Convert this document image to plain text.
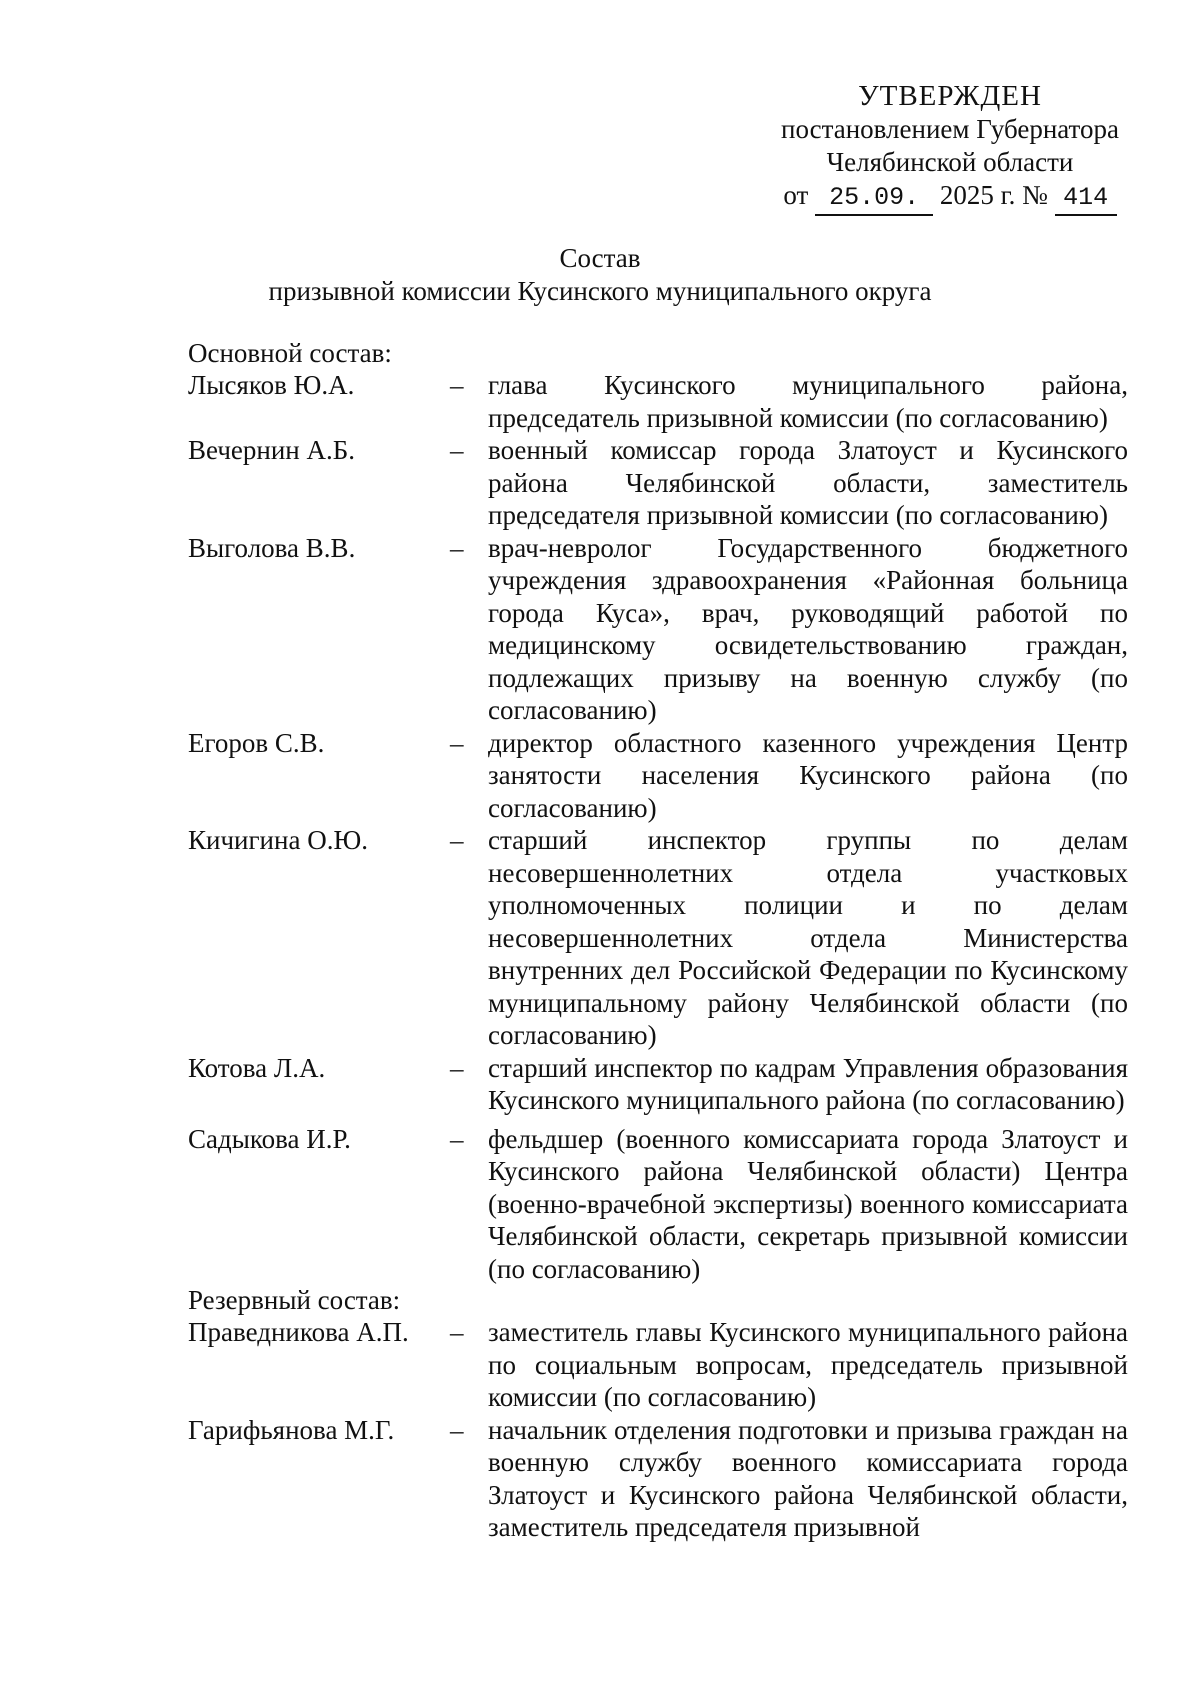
УТВЕРЖДЕН
постановлением Губернатора
Челябинской области
от 25.09. 2025 г. № 414
Состав
призывной комиссии Кусинского муниципального округа
Основной состав:
Лысяков Ю.А.	– глава Кусинского муниципального района, председатель призывной комиссии (по согласованию)
Вечернин А.Б.	– военный комиссар города Златоуст и Кусинского района Челябинской области, заместитель председателя призывной комиссии (по согласованию)
Выголова В.В.	– врач-невролог Государственного бюджетного учреждения здравоохранения «Районная больница города Куса», врач, руководящий работой по медицинскому освидетельствованию граждан, подлежащих призыву на военную службу (по согласованию)
Егоров С.В.	– директор областного казенного учреждения Центр занятости населения Кусинского района (по согласованию)
Кичигина О.Ю.	– старший инспектор группы по делам несовершеннолетних отдела участковых уполномоченных полиции и по делам несовершеннолетних отдела Министерства внутренних дел Российской Федерации по Кусинскому муниципальному району Челябинской области (по согласованию)
Котова Л.А.	– старший инспектор по кадрам Управления образования Кусинского муниципального района (по согласованию)
Садыкова И.Р.	– фельдшер (военного комиссариата города Златоуст и Кусинского района Челябинской области) Центра (военно-врачебной экспертизы) военного комиссариата Челябинской области, секретарь призывной комиссии (по согласованию)
Резервный состав:
Праведникова А.П.	– заместитель главы Кусинского муниципального района по социальным вопросам, председатель призывной комиссии (по согласованию)
Гарифьянова М.Г.	– начальник отделения подготовки и призыва граждан на военную службу военного комиссариата города Златоуст и Кусинского района Челябинской области, заместитель председателя призывной
